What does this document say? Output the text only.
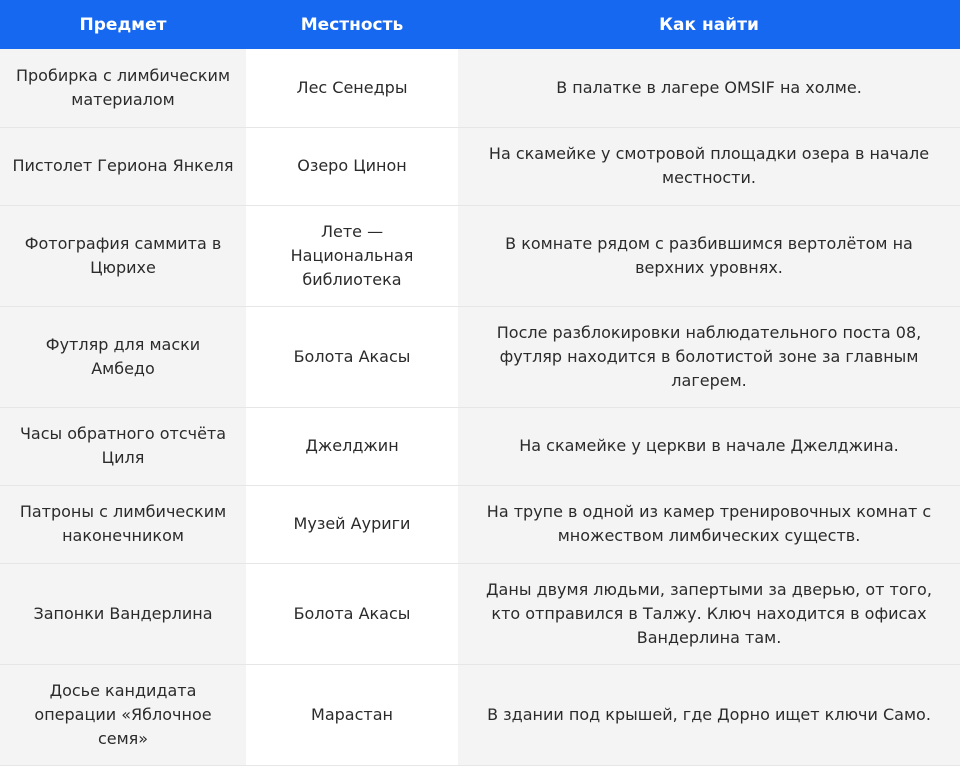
Предмет	Местность	Как найти
Пробирка с лимбическим материалом	Лес Сенедры	В палатке в лагере OMSIF на холме.
Пистолет Гериона Янкеля	Озеро Цинон	На скамейке у смотровой площадки озера в начале местности.
Фотография саммита в Цюрихе	Лете — Национальная библиотека	В комнате рядом с разбившимся вертолётом на верхних уровнях.
Футляр для маски Амбедо	Болота Акасы	После разблокировки наблюдательного поста 08, футляр находится в болотистой зоне за главным лагерем.
Часы обратного отсчёта Циля	Джелджин	На скамейке у церкви в начале Джелджина.
Патроны с лимбическим наконечником	Музей Ауриги	На трупе в одной из камер тренировочных комнат с множеством лимбических существ.
Запонки Вандерлина	Болота Акасы	Даны двумя людьми, запертыми за дверью, от того, кто отправился в Талжу. Ключ находится в офисах Вандерлина там.
Досье кандидата операции «Яблочное семя»	Марастан	В здании под крышей, где Дорно ищет ключи Само.
